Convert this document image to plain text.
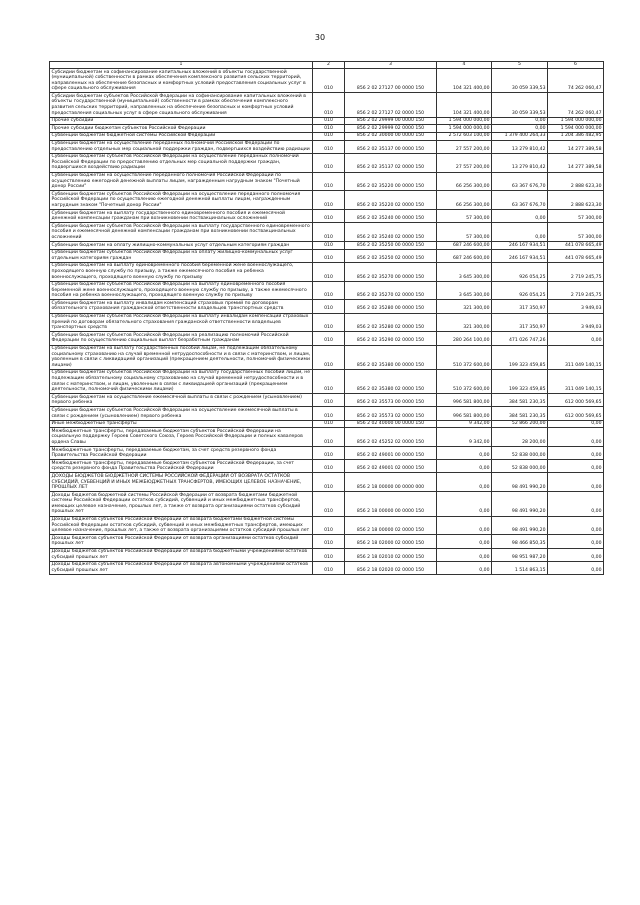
30
1	2	3	4	5	6
Субсидии бюджетам на софинансирование капитальных вложений в объекты государственной (муниципальной) собственности в рамках обеспечения комплексного развития сельских территорий, направленных на обеспечение безопасных и комфортных условий предоставления социальных услуг в сфере социального обслуживания	010	856 2 02 27127 00 0000 150	104 321 400,00	30 059 339,53	74 262 060,47
Субсидии бюджетам субъектов Российской Федерации на софинансирование капитальных вложений в объекты государственной (муниципальной) собственности в рамках обеспечения комплексного развития сельских территорий, направленных на обеспечение безопасных и комфортных условий предоставления социальных услуг в сфере социального обслуживания	010	856 2 02 27127 02 0000 150	104 321 400,00	30 059 339,53	74 262 060,47
Прочие субсидии	010	856 2 02 29999 00 0000 150	1 594 000 000,00	0,00	1 594 000 000,00
Прочие субсидии бюджетам субъектов Российской Федерации	010	856 2 02 29999 02 0000 150	1 594 000 000,00	0,00	1 594 000 000,00
Субвенции бюджетам бюджетной системы Российской Федерации	010	856 2 02 30000 00 0000 150	2 572 603 100,00	1 379 400 264,33	1 204 386 482,95
Субвенции бюджетам на осуществление переданных полномочий Российской Федерации по предоставлению отдельных мер социальной поддержки граждан, подвергшихся воздействию радиации	010	856 2 02 35137 00 0000 150	27 557 200,00	13 279 810,42	14 277 389,58
Субвенции бюджетам субъектов Российской Федерации на осуществление переданных полномочий Российской Федерации по предоставлению отдельных мер социальной поддержки граждан, подвергшихся воздействию радиации	010	856 2 02 35137 02 0000 150	27 557 200,00	13 279 810,42	14 277 389,58
Субвенции бюджетам на осуществление переданного полномочия Российской Федерации по осуществлению ежегодной денежной выплаты лицам, награжденным нагрудным знаком "Почетный донор России"	010	856 2 02 35220 00 0000 150	66 256 300,00	63 367 676,70	2 888 623,30
Субвенции бюджетам субъектов Российской Федерации на осуществление переданного полномочия Российской Федерации по осуществлению ежегодной денежной выплаты лицам, награжденным нагрудным знаком "Почетный донор России"	010	856 2 02 35220 02 0000 150	66 256 300,00	63 367 676,70	2 888 623,30
Субвенции бюджетам на выплату государственного единовременного пособия и ежемесячной денежной компенсации гражданам при возникновении поствакцинальных осложнений	010	856 2 02 35240 00 0000 150	57 300,00	0,00	57 300,00
Субвенции бюджетам субъектов Российской Федерации на выплату государственного единовременного пособия и ежемесячной денежной компенсации гражданам при возникновении поствакцинальных осложнений	010	856 2 02 35240 02 0000 150	57 300,00	0,00	57 300,00
Субвенции бюджетам на оплату жилищно-коммунальных услуг отдельным категориям граждан	010	856 2 02 35250 00 0000 150	687 246 600,00	246 167 934,51	441 078 665,49
Субвенции бюджетам субъектов Российской Федерации на оплату жилищно-коммунальных услуг отдельным категориям граждан	010	856 2 02 35250 02 0000 150	687 246 600,00	246 167 934,51	441 078 665,49
Субвенции бюджетам на выплату единовременного пособия беременной жене военнослужащего, проходящего военную службу по призыву, а также ежемесячного пособия на ребенка военнослужащего, проходящего военную службу по призыву	010	856 2 02 35270 00 0000 150	3 645 300,00	926 054,25	2 719 245,75
Субвенции бюджетам субъектов Российской Федерации на выплату единовременного пособия беременной жене военнослужащего, проходящего военную службу по призыву, а также ежемесячного пособия на ребенка военнослужащего, проходящего военную службу по призыву	010	856 2 02 35270 02 0000 150	3 645 300,00	926 054,25	2 719 245,75
Субвенции бюджетам на выплату инвалидам компенсаций страховых премий по договорам обязательного страхования гражданской ответственности владельцев транспортных средств	010	856 2 02 35280 00 0000 150	321 300,00	317 350,97	3 949,03
Субвенции бюджетам субъектов Российской Федерации на выплату инвалидам компенсаций страховых премий по договорам обязательного страхования гражданской ответственности владельцев транспортных средств	010	856 2 02 35280 02 0000 150	321 300,00	317 350,97	3 949,03
Субвенции бюджетам субъектов Российской Федерации на реализацию полномочий Российской Федерации по осуществлению социальных выплат безработным гражданам	010	856 2 02 35290 02 0000 150	280 264 100,00	471 026 747,26	0,00
Субвенции бюджетам на выплату государственных пособий лицам, не подлежащим обязательному социальному страхованию на случай временной нетрудоспособности и в связи с материнством, и лицам, уволенным в связи с ликвидацией организаций (прекращением деятельности, полномочий физическими лицами)	010	856 2 02 35380 00 0000 150	510 372 600,00	199 323 459,85	311 049 140,15
Субвенции бюджетам субъектов Российской Федерации на выплату государственных пособий лицам, не подлежащим обязательному социальному страхованию на случай временной нетрудоспособности и в связи с материнством, и лицам, уволенным в связи с ликвидацией организаций (прекращением деятельности, полномочий физическими лицами)	010	856 2 02 35380 02 0000 150	510 372 600,00	199 323 459,85	311 049 140,15
Субвенции бюджетам на осуществление ежемесячной выплаты в связи с рождением (усыновлением) первого ребенка	010	856 2 02 35573 00 0000 150	996 581 800,00	384 581 230,35	612 000 569,65
Субвенции бюджетам субъектов Российской Федерации на осуществление ежемесячной выплаты в связи с рождением (усыновлением) первого ребенка	010	856 2 02 35573 02 0000 150	996 581 800,00	384 581 230,35	612 000 569,65
Иные межбюджетные трансферты	010	856 2 02 40000 00 0000 150	9 342,00	52 866 200,00	0,00
Межбюджетные трансферты, передаваемые бюджетам субъектов Российской Федерации на социальную поддержку Героев Советского Союза, Героев Российской Федерации и полных кавалеров ордена Славы	010	856 2 02 45252 02 0000 150	9 342,00	28 200,00	0,00
Межбюджетные трансферты, передаваемые бюджетам, за счет средств резервного фонда Правительства Российской Федерации	010	856 2 02 49001 00 0000 150	0,00	52 838 000,00	0,00
Межбюджетные трансферты, передаваемые бюджетам субъектов Российской Федерации, за счет средств резервного фонда Правительства Российской Федерации	010	856 2 02 49001 02 0000 150	0,00	52 838 000,00	0,00
ДОХОДЫ БЮДЖЕТОВ БЮДЖЕТНОЙ СИСТЕМЫ РОССИЙСКОЙ ФЕДЕРАЦИИ ОТ ВОЗВРАТА ОСТАТКОВ СУБСИДИЙ, СУБВЕНЦИЙ И ИНЫХ МЕЖБЮДЖЕТНЫХ ТРАНСФЕРТОВ, ИМЕЮЩИХ ЦЕЛЕВОЕ НАЗНАЧЕНИЕ, ПРОШЛЫХ ЛЕТ	010	856 2 18 00000 00 0000 000	0,00	98 491 990,20	0,00
Доходы бюджетов бюджетной системы Российской Федерации от возврата бюджетами бюджетной системы Российской Федерации остатков субсидий, субвенций и иных межбюджетных трансфертов, имеющих целевое назначение, прошлых лет, а также от возврата организациями остатков субсидий прошлых лет	010	856 2 18 00000 00 0000 150	0,00	98 491 990,20	0,00
Доходы бюджетов субъектов Российской Федерации от возврата бюджетами бюджетной системы Российской Федерации остатков субсидий, субвенций и иных межбюджетных трансфертов, имеющих целевое назначение, прошлых лет, а также от возврата организациями остатков субсидий прошлых лет	010	856 2 18 00000 02 0000 150	0,00	98 491 990,20	0,00
Доходы бюджетов субъектов Российской Федерации от возврата организациями остатков субсидий прошлых лет	010	856 2 18 02000 02 0000 150	0,00	98 466 850,35	0,00
Доходы бюджетов субъектов Российской Федерации от возврата бюджетными учреждениями остатков субсидий прошлых лет	010	856 2 18 02010 02 0000 150	0,00	98 951 987,20	0,00
Доходы бюджетов субъектов Российской Федерации от возврата автономными учреждениями остатков субсидий прошлых лет	010	856 2 18 02020 02 0000 150	0,00	1 514 863,15	0,00
